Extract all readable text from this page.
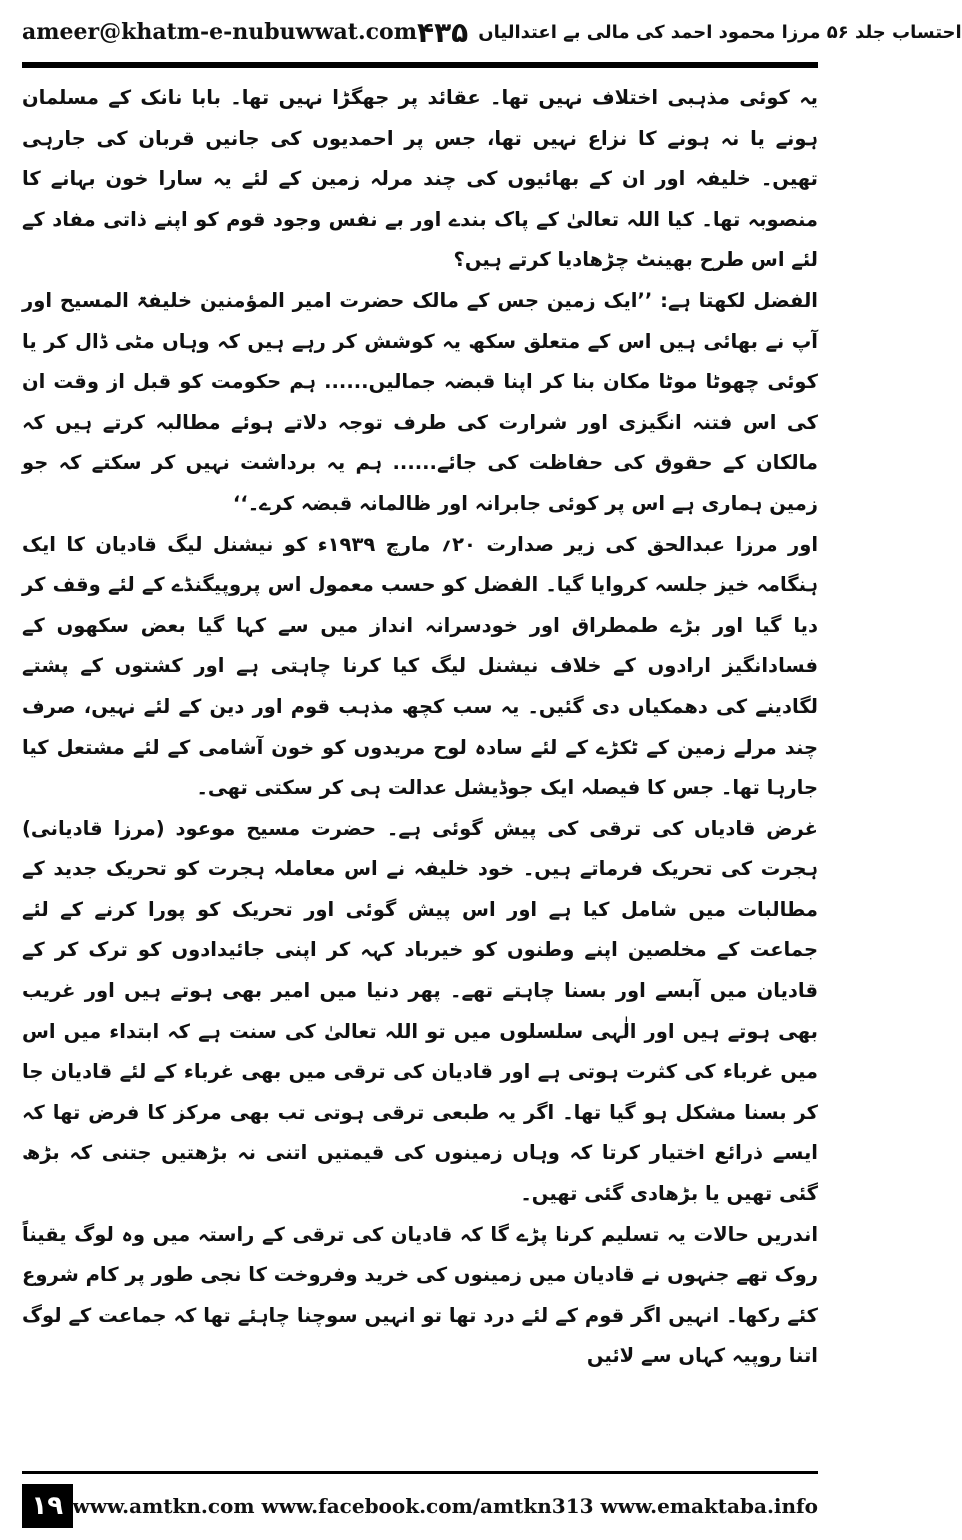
ameer@khatm-e-nubuwwat.com	احتساب جلد ۵۶ مرزا محمود احمد کی مالی بے اعتدالیاں
۴۳۵

یہ کوئی مذہبی اختلاف نہیں تھا۔ عقائد پر جھگڑا نہیں تھا۔ بابا نانک کے مسلمان ہونے یا نہ ہونے کا نزاع نہیں تھا، جس پر احمدیوں کی جانیں قربان کی جارہی تھیں۔ خلیفہ اور ان کے بھائیوں کی چند مرلہ زمین کے لئے یہ سارا خون بہانے کا منصوبہ تھا۔ کیا اللہ تعالیٰ کے پاک بندے اور بے نفس وجود قوم کو اپنے ذاتی مفاد کے لئے اس طرح بھینٹ چڑھادیا کرتے ہیں؟

الفضل لکھتا ہے: ’’ایک زمین جس کے مالک حضرت امیر المؤمنین خلیفۃ المسیح اور آپ نے بھائی ہیں اس کے متعلق سکھ یہ کوشش کر رہے ہیں کہ وہاں مٹی ڈال کر یا کوئی چھوٹا موٹا مکان بنا کر اپنا قبضہ جمالیں...... ہم حکومت کو قبل از وقت ان کی اس فتنہ انگیزی اور شرارت کی طرف توجہ دلاتے ہوئے مطالبہ کرتے ہیں کہ مالکان کے حقوق کی حفاظت کی جائے...... ہم یہ برداشت نہیں کر سکتے کہ جو زمین ہماری ہے اس پر کوئی جابرانہ اور ظالمانہ قبضہ کرے۔‘‘

اور مرزا عبدالحق کی زیر صدارت ۲۰؍ مارچ ۱۹۳۹ء کو نیشنل لیگ قادیان کا ایک ہنگامہ خیز جلسہ کروایا گیا۔ الفضل کو حسب معمول اس پروپیگنڈے کے لئے وقف کر دیا گیا اور بڑے طمطراق اور خودسرانہ انداز میں سے کہا گیا بعض سکھوں کے فسادانگیز ارادوں کے خلاف نیشنل لیگ کیا کرنا چاہتی ہے اور کشتوں کے پشتے لگادینے کی دھمکیاں دی گئیں۔ یہ سب کچھ مذہب قوم اور دین کے لئے نہیں، صرف چند مرلے زمین کے ٹکڑے کے لئے سادہ لوح مریدوں کو خون آشامی کے لئے مشتعل کیا جارہا تھا۔ جس کا فیصلہ ایک جوڈیشل عدالت ہی کر سکتی تھی۔

غرض قادیاں کی ترقی کی پیش گوئی ہے۔ حضرت مسیح موعود (مرزا قادیانی) ہجرت کی تحریک فرماتے ہیں۔ خود خلیفہ نے اس معاملہ ہجرت کو تحریک جدید کے مطالبات میں شامل کیا ہے اور اس پیش گوئی اور تحریک کو پورا کرنے کے لئے جماعت کے مخلصین اپنے وطنوں کو خیرباد کہہ کر اپنی جائیدادوں کو ترک کر کے قادیان میں آبسے اور بسنا چاہتے تھے۔ پھر دنیا میں امیر بھی ہوتے ہیں اور غریب بھی ہوتے ہیں اور الٰہی سلسلوں میں تو اللہ تعالیٰ کی سنت ہے کہ ابتداء میں اس میں غرباء کی کثرت ہوتی ہے اور قادیان کی ترقی میں بھی غرباء کے لئے قادیان جا کر بسنا مشکل ہو گیا تھا۔ اگر یہ طبعی ترقی ہوتی تب بھی مرکز کا فرض تھا کہ ایسے ذرائع اختیار کرتا کہ وہاں زمینوں کی قیمتیں اتنی نہ بڑھتیں جتنی کہ بڑھ گئی تھیں یا بڑھادی گئی تھیں۔

اندریں حالات یہ تسلیم کرنا پڑے گا کہ قادیان کی ترقی کے راستہ میں وہ لوگ یقیناً روک تھے جنہوں نے قادیان میں زمینوں کی خرید وفروخت کا نجی طور پر کام شروع کئے رکھا۔ انہیں اگر قوم کے لئے درد تھا تو انہیں سوچنا چاہئے تھا کہ جماعت کے لوگ اتنا روپیہ کہاں سے لائیں

۱۹ www.amtkn.com www.facebook.com/amtkn313 www.emaktaba.info
